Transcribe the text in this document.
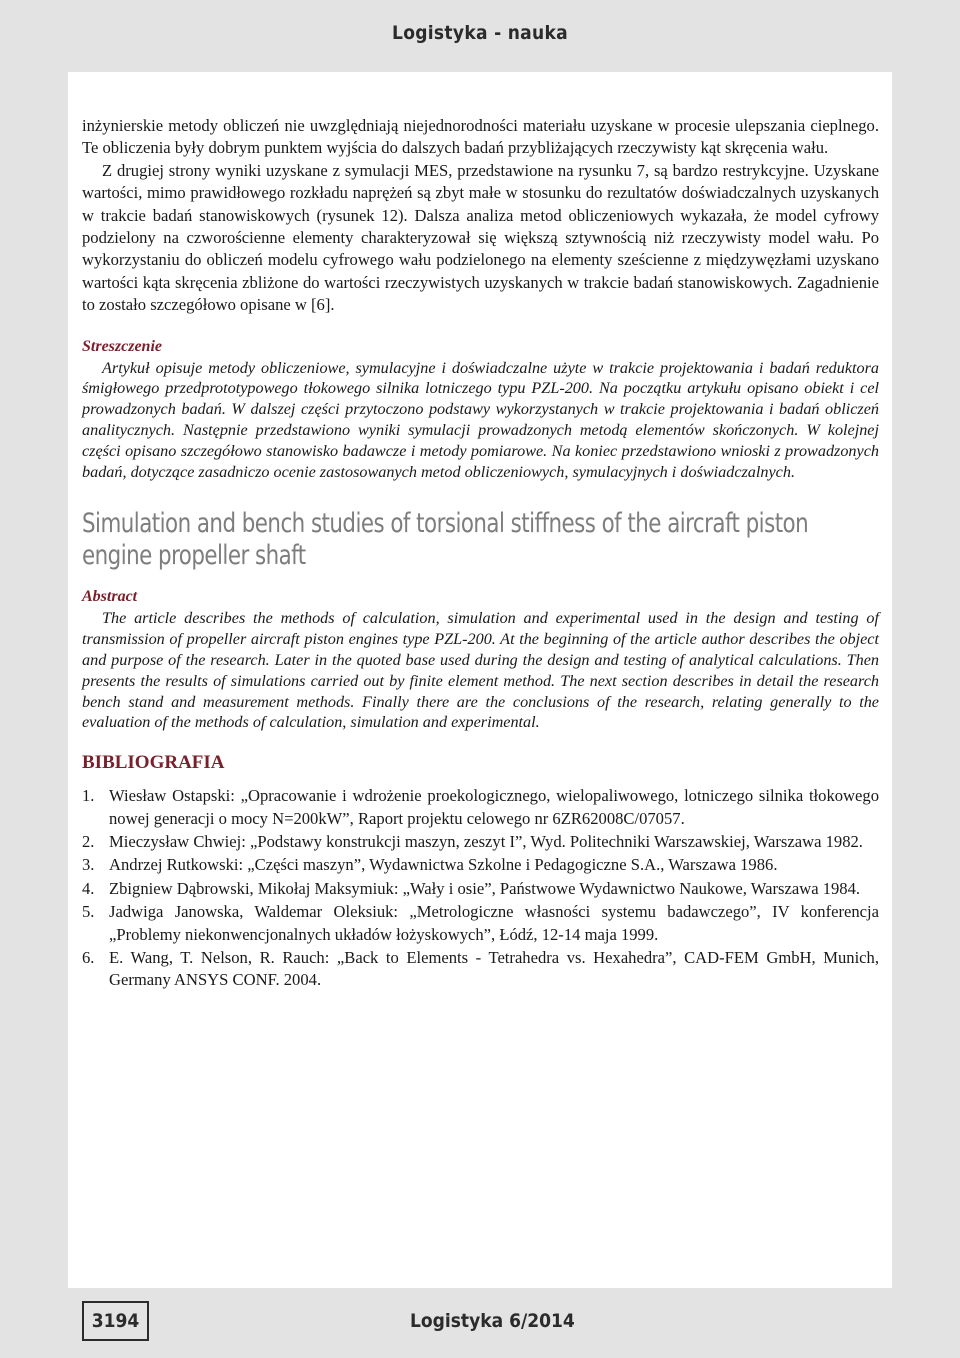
Logistyka - nauka

inżynierskie metody obliczeń nie uwzględniają niejednorodności materiału uzyskane w procesie ulepszania cieplnego. Te obliczenia były dobrym punktem wyjścia do dalszych badań przybliżających rzeczywisty kąt skręcenia wału.

Z drugiej strony wyniki uzyskane z symulacji MES, przedstawione na rysunku 7, są bardzo restrykcyjne. Uzyskane wartości, mimo prawidłowego rozkładu naprężeń są zbyt małe w stosunku do rezultatów doświadczalnych uzyskanych w trakcie badań stanowiskowych (rysunek 12). Dalsza analiza metod obliczeniowych wykazała, że model cyfrowy podzielony na czworościenne elementy charakteryzował się większą sztywnością niż rzeczywisty model wału. Po wykorzystaniu do obliczeń modelu cyfrowego wału podzielonego na elementy sześcienne z międzywęzłami uzyskano wartości kąta skręcenia zbliżone do wartości rzeczywistych uzyskanych w trakcie badań stanowiskowych. Zagadnienie to zostało szczegółowo opisane w [6].

Streszczenie

Artykuł opisuje metody obliczeniowe, symulacyjne i doświadczalne użyte w trakcie projektowania i badań reduktora śmigłowego przedprototypowego tłokowego silnika lotniczego typu PZL-200. Na początku artykułu opisano obiekt i cel prowadzonych badań. W dalszej części przytoczono podstawy wykorzystanych w trakcie projektowania i badań obliczeń analitycznych. Następnie przedstawiono wyniki symulacji prowadzonych metodą elementów skończonych. W kolejnej części opisano szczegółowo stanowisko badawcze i metody pomiarowe. Na koniec przedstawiono wnioski z prowadzonych badań, dotyczące zasadniczo ocenie zastosowanych metod obliczeniowych, symulacyjnych i doświadczalnych.

Simulation and bench studies of torsional stiffness of the aircraft piston engine propeller shaft

Abstract

The article describes the methods of calculation, simulation and experimental used in the design and testing of transmission of propeller aircraft piston engines type PZL-200. At the beginning of the article author describes the object and purpose of the research. Later in the quoted base used during the design and testing of analytical calculations. Then presents the results of simulations carried out by finite element method. The next section describes in detail the research bench stand and measurement methods. Finally there are the conclusions of the research, relating generally to the evaluation of the methods of calculation, simulation and experimental.

BIBLIOGRAFIA

1. Wiesław Ostapski: „Opracowanie i wdrożenie proekologicznego, wielopaliwowego, lotniczego silnika tłokowego nowej generacji o mocy N=200kW”, Raport projektu celowego nr 6ZR62008C/07057.
2. Mieczysław Chwiej: „Podstawy konstrukcji maszyn, zeszyt I”, Wyd. Politechniki Warszawskiej, Warszawa 1982.
3. Andrzej Rutkowski: „Części maszyn”, Wydawnictwa Szkolne i Pedagogiczne S.A., Warszawa 1986.
4. Zbigniew Dąbrowski, Mikołaj Maksymiuk: „Wały i osie”, Państwowe Wydawnictwo Naukowe, Warszawa 1984.
5. Jadwiga Janowska, Waldemar Oleksiuk: „Metrologiczne własności systemu badawczego”, IV konferencja „Problemy niekonwencjonalnych układów łożyskowych”, Łódź, 12-14 maja 1999.
6. E. Wang, T. Nelson, R. Rauch: „Back to Elements - Tetrahedra vs. Hexahedra”, CAD-FEM GmbH, Munich, Germany ANSYS CONF. 2004.
3194	Logistyka 6/2014
